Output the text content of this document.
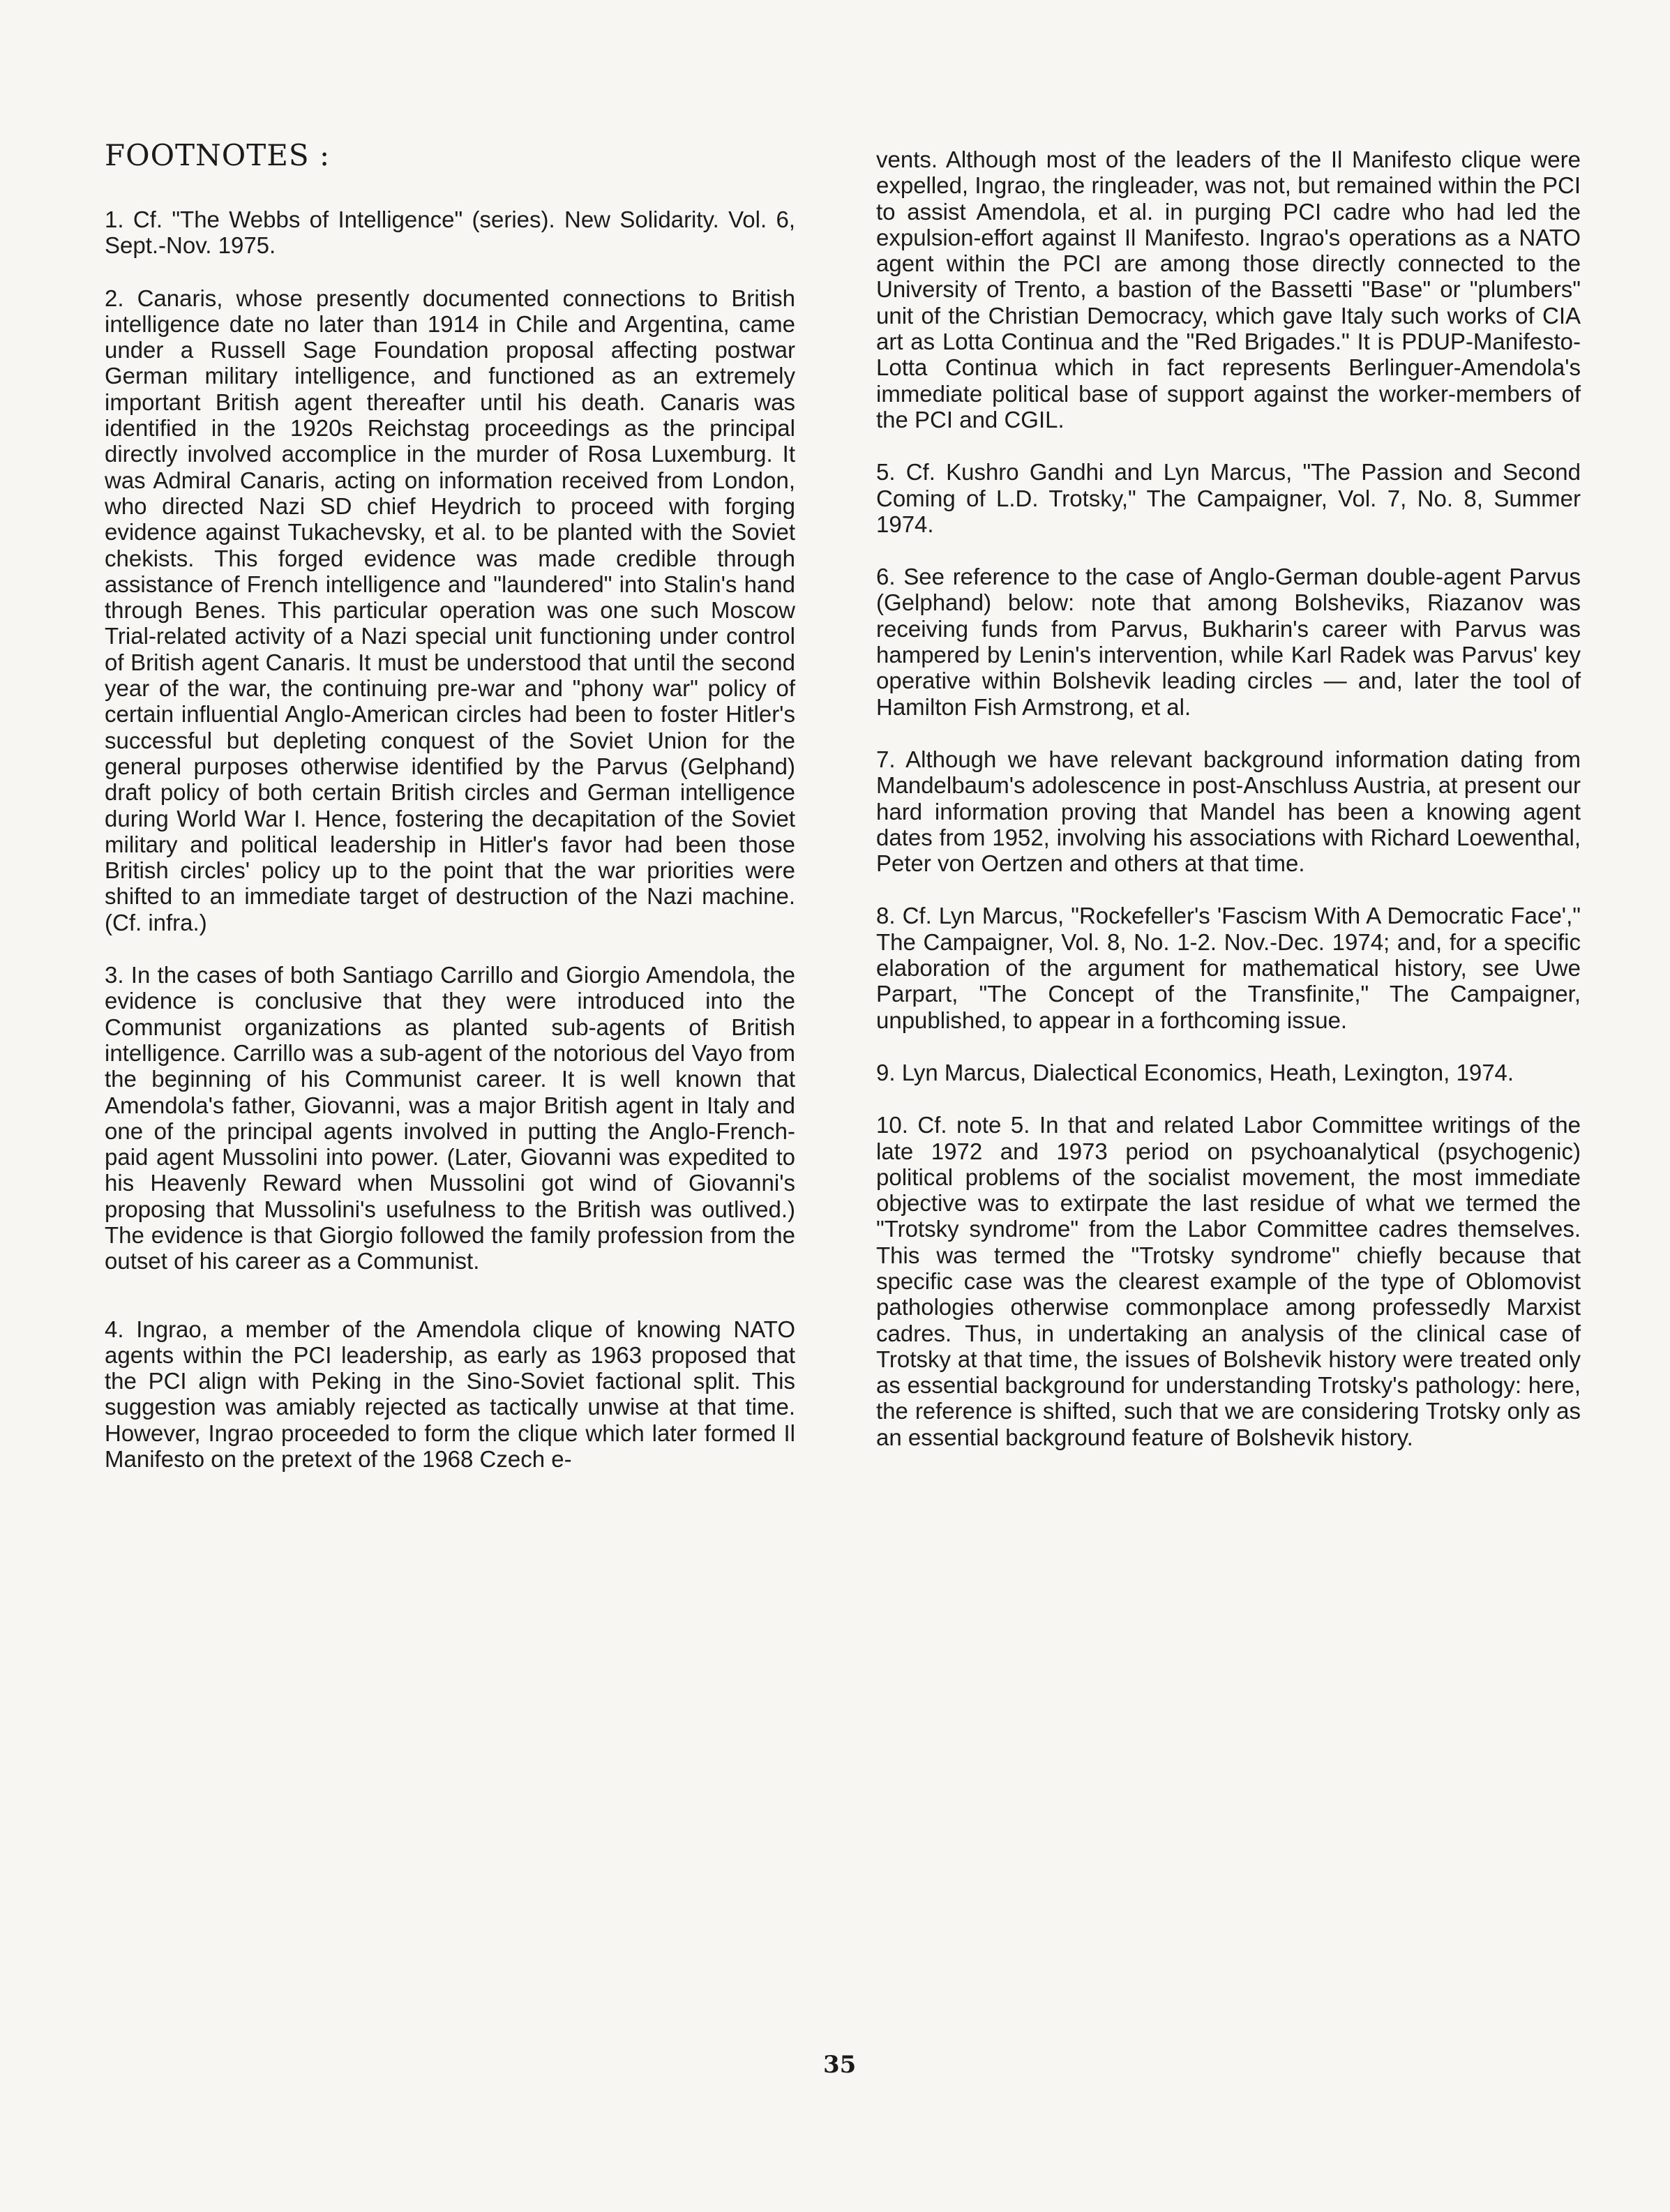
FOOTNOTES :

1. Cf. "The Webbs of Intelligence" (series). New Solidarity. Vol. 6, Sept.-Nov. 1975.

2. Canaris, whose presently documented connections to British intelligence date no later than 1914 in Chile and Argentina, came under a Russell Sage Foundation proposal affecting postwar German military intelligence, and functioned as an extremely important British agent thereafter until his death. Canaris was identified in the 1920s Reichstag proceedings as the principal directly involved accomplice in the murder of Rosa Luxemburg. It was Admiral Canaris, acting on information received from London, who directed Nazi SD chief Heydrich to proceed with forging evidence against Tukachevsky, et al. to be planted with the Soviet chekists. This forged evidence was made credible through assistance of French intelligence and "laundered" into Stalin's hand through Benes. This particular operation was one such Moscow Trial-related activity of a Nazi special unit functioning under control of British agent Canaris. It must be understood that until the second year of the war, the continuing pre-war and "phony war" policy of certain influential Anglo-American circles had been to foster Hitler's successful but depleting conquest of the Soviet Union for the general purposes otherwise identified by the Parvus (Gelphand) draft policy of both certain British circles and German intelligence during World War I. Hence, fostering the decapitation of the Soviet military and political leadership in Hitler's favor had been those British circles' policy up to the point that the war priorities were shifted to an immediate target of destruction of the Nazi machine. (Cf. infra.)

3. In the cases of both Santiago Carrillo and Giorgio Amendola, the evidence is conclusive that they were introduced into the Communist organizations as planted sub-agents of British intelligence. Carrillo was a sub-agent of the notorious del Vayo from the beginning of his Communist career. It is well known that Amendola's father, Giovanni, was a major British agent in Italy and one of the principal agents involved in putting the Anglo-French-paid agent Mussolini into power. (Later, Giovanni was expedited to his Heavenly Reward when Mussolini got wind of Giovanni's proposing that Mussolini's usefulness to the British was outlived.) The evidence is that Giorgio followed the family profession from the outset of his career as a Communist.

4. Ingrao, a member of the Amendola clique of knowing NATO agents within the PCI leadership, as early as 1963 proposed that the PCI align with Peking in the Sino-Soviet factional split. This suggestion was amiably rejected as tactically unwise at that time. However, Ingrao proceeded to form the clique which later formed Il Manifesto on the pretext of the 1968 Czech e-

vents. Although most of the leaders of the Il Manifesto clique were expelled, Ingrao, the ringleader, was not, but remained within the PCI to assist Amendola, et al. in purging PCI cadre who had led the expulsion-effort against Il Manifesto. Ingrao's operations as a NATO agent within the PCI are among those directly connected to the University of Trento, a bastion of the Bassetti "Base" or "plumbers" unit of the Christian Democracy, which gave Italy such works of CIA art as Lotta Continua and the "Red Brigades." It is PDUP-Manifesto-Lotta Continua which in fact represents Berlinguer-Amendola's immediate political base of support against the worker-members of the PCI and CGIL.

5. Cf. Kushro Gandhi and Lyn Marcus, "The Passion and Second Coming of L.D. Trotsky," The Campaigner, Vol. 7, No. 8, Summer 1974.

6. See reference to the case of Anglo-German double-agent Parvus (Gelphand) below: note that among Bolsheviks, Riazanov was receiving funds from Parvus, Bukharin's career with Parvus was hampered by Lenin's intervention, while Karl Radek was Parvus' key operative within Bolshevik leading circles — and, later the tool of Hamilton Fish Armstrong, et al.

7. Although we have relevant background information dating from Mandelbaum's adolescence in post-Anschluss Austria, at present our hard information proving that Mandel has been a knowing agent dates from 1952, involving his associations with Richard Loewenthal, Peter von Oertzen and others at that time.

8. Cf. Lyn Marcus, "Rockefeller's 'Fascism With A Democratic Face'," The Campaigner, Vol. 8, No. 1-2. Nov.-Dec. 1974; and, for a specific elaboration of the argument for mathematical history, see Uwe Parpart, "The Concept of the Transfinite," The Campaigner, unpublished, to appear in a forthcoming issue.

9. Lyn Marcus, Dialectical Economics, Heath, Lexington, 1974.

10. Cf. note 5. In that and related Labor Committee writings of the late 1972 and 1973 period on psychoanalytical (psychogenic) political problems of the socialist movement, the most immediate objective was to extirpate the last residue of what we termed the "Trotsky syndrome" from the Labor Committee cadres themselves. This was termed the "Trotsky syndrome" chiefly because that specific case was the clearest example of the type of Oblomovist pathologies otherwise commonplace among professedly Marxist cadres. Thus, in undertaking an analysis of the clinical case of Trotsky at that time, the issues of Bolshevik history were treated only as essential background for understanding Trotsky's pathology: here, the reference is shifted, such that we are considering Trotsky only as an essential background feature of Bolshevik history.

35
